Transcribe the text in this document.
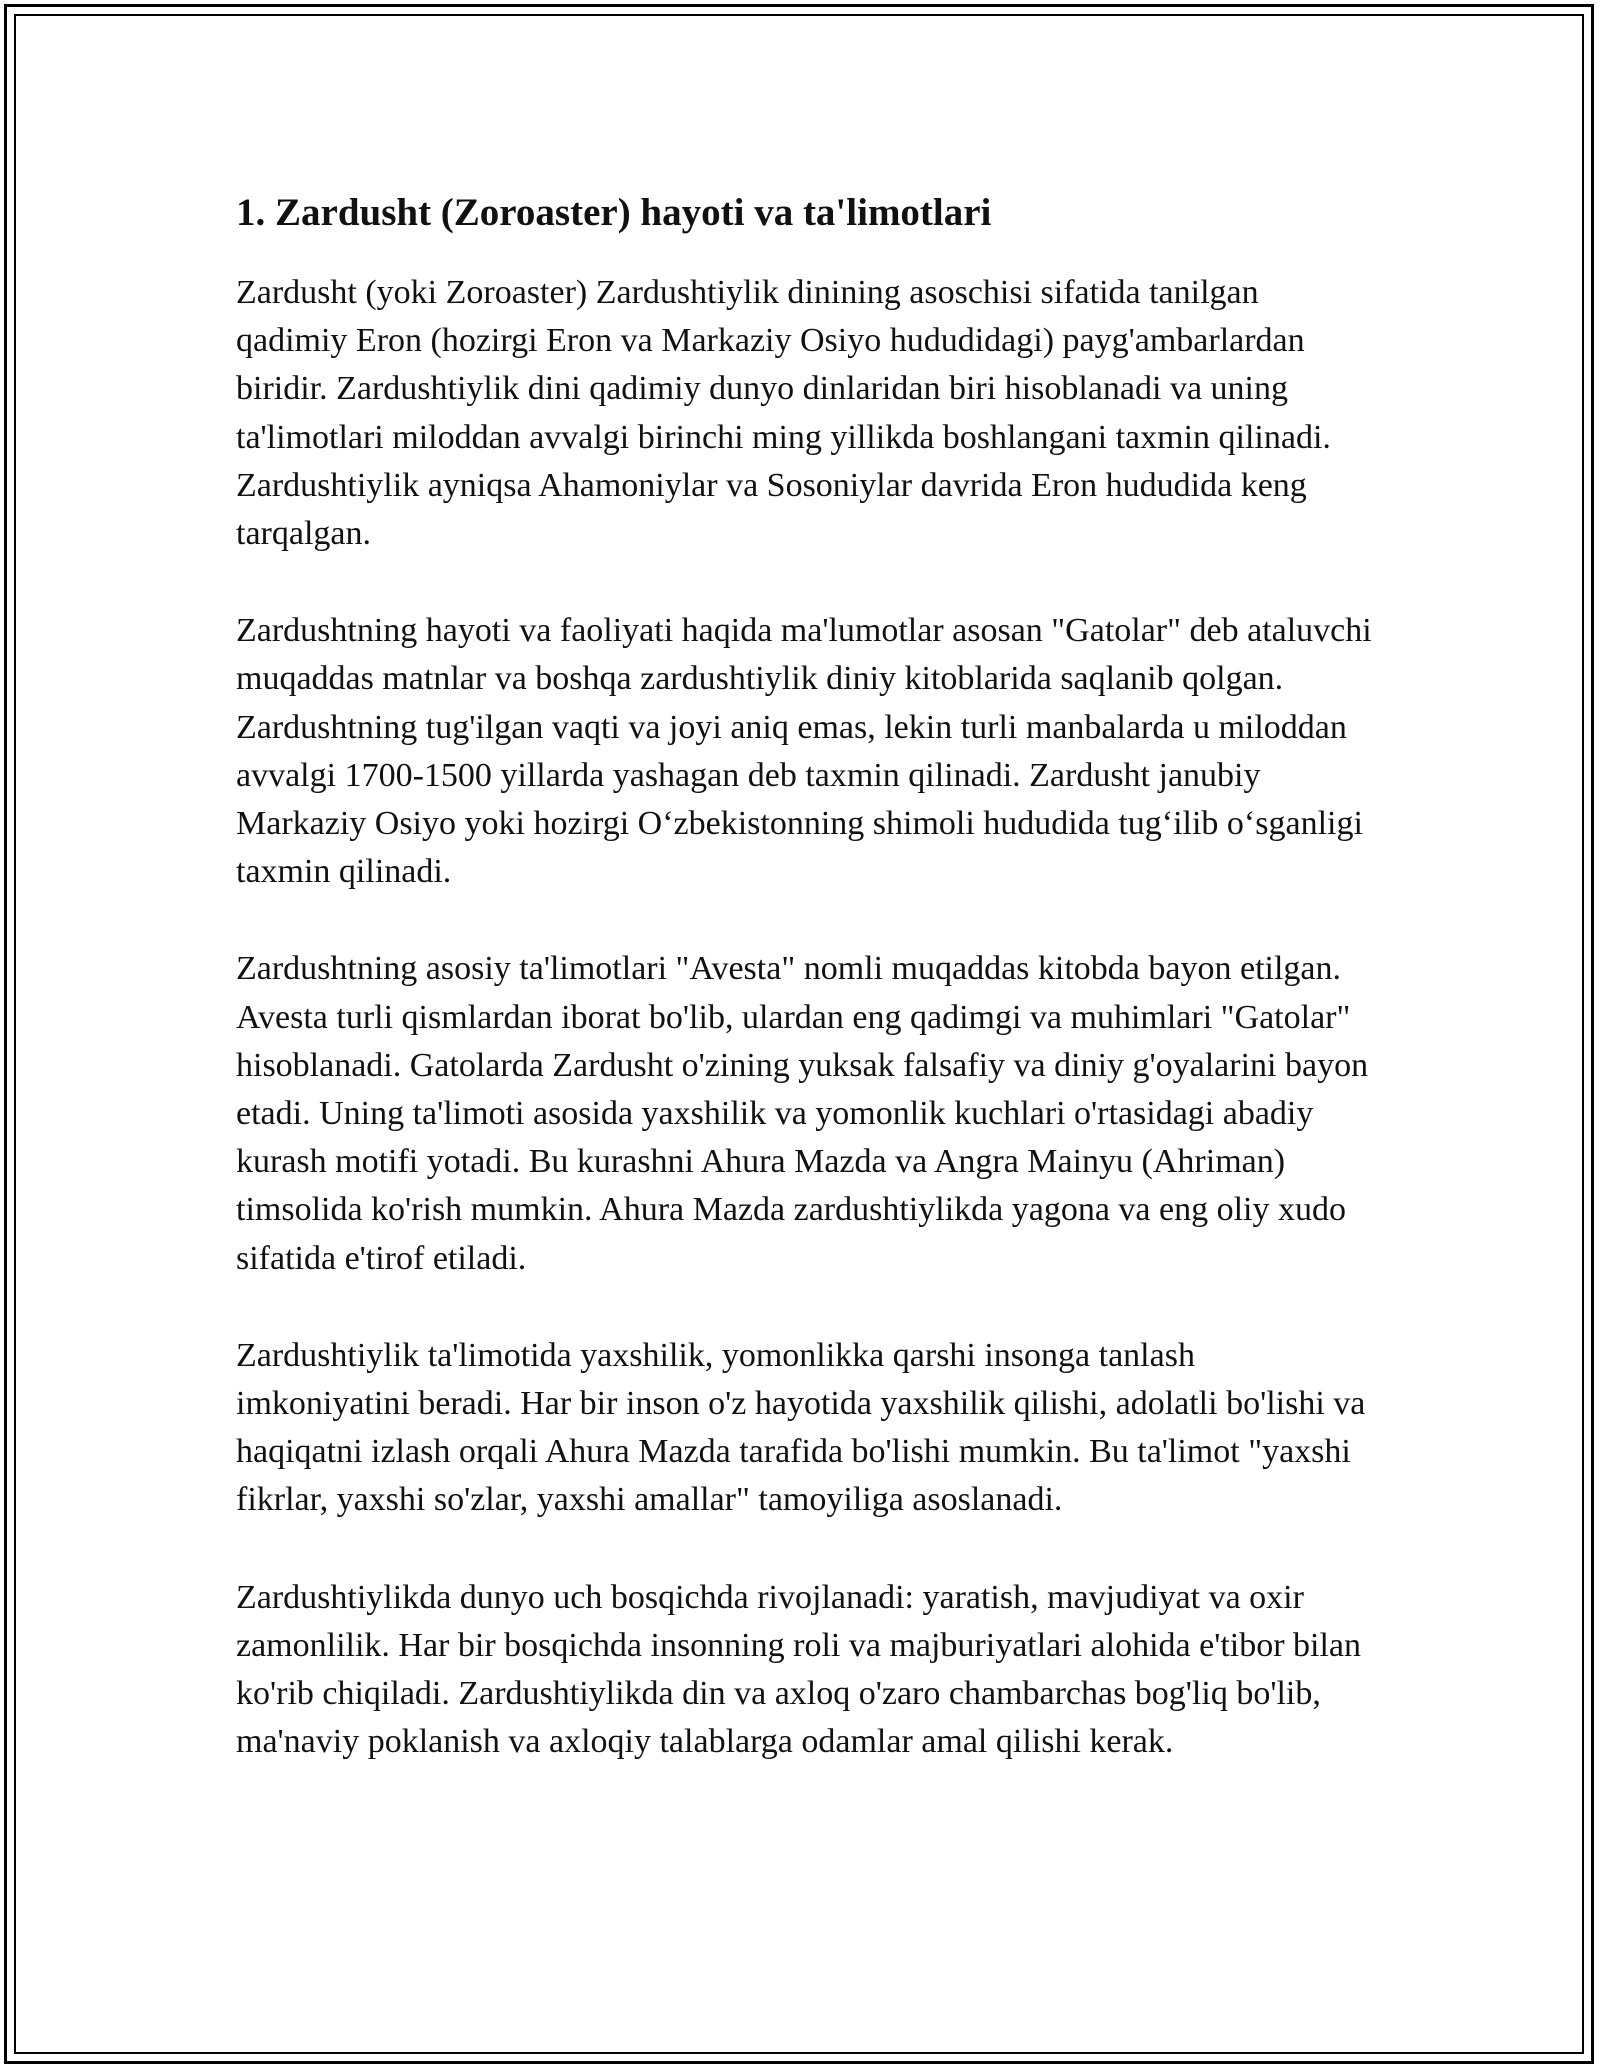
1. Zardusht (Zoroaster) hayoti va ta'limotlari

Zardusht (yoki Zoroaster) Zardushtiylik dinining asoschisi sifatida tanilgan qadimiy Eron (hozirgi Eron va Markaziy Osiyo hududidagi) payg'ambarlardan biridir. Zardushtiylik dini qadimiy dunyo dinlaridan biri hisoblanadi va uning ta'limotlari miloddan avvalgi birinchi ming yillikda boshlangani taxmin qilinadi. Zardushtiylik ayniqsa Ahamoniylar va Sosoniylar davrida Eron hududida keng tarqalgan.

Zardushtning hayoti va faoliyati haqida ma'lumotlar asosan "Gatolar" deb ataluvchi muqaddas matnlar va boshqa zardushtiylik diniy kitoblarida saqlanib qolgan. Zardushtning tug'ilgan vaqti va joyi aniq emas, lekin turli manbalarda u miloddan avvalgi 1700-1500 yillarda yashagan deb taxmin qilinadi. Zardusht janubiy Markaziy Osiyo yoki hozirgi O‘zbekistonning shimoli hududida tug‘ilib o‘sganligi taxmin qilinadi.

Zardushtning asosiy ta'limotlari "Avesta" nomli muqaddas kitobda bayon etilgan. Avesta turli qismlardan iborat bo'lib, ulardan eng qadimgi va muhimlari "Gatolar" hisoblanadi. Gatolarda Zardusht o'zining yuksak falsafiy va diniy g'oyalarini bayon etadi. Uning ta'limoti asosida yaxshilik va yomonlik kuchlari o'rtasidagi abadiy kurash motifi yotadi. Bu kurashni Ahura Mazda va Angra Mainyu (Ahriman) timsolida ko'rish mumkin. Ahura Mazda zardushtiylikda yagona va eng oliy xudo sifatida e'tirof etiladi.

Zardushtiylik ta'limotida yaxshilik, yomonlikka qarshi insonga tanlash imkoniyatini beradi. Har bir inson o'z hayotida yaxshilik qilishi, adolatli bo'lishi va haqiqatni izlash orqali Ahura Mazda tarafida bo'lishi mumkin. Bu ta'limot "yaxshi fikrlar, yaxshi so'zlar, yaxshi amallar" tamoyiliga asoslanadi.

Zardushtiylikda dunyo uch bosqichda rivojlanadi: yaratish, mavjudiyat va oxir zamonlilik. Har bir bosqichda insonning roli va majburiyatlari alohida e'tibor bilan ko'rib chiqiladi. Zardushtiylikda din va axloq o'zaro chambarchas bog'liq bo'lib, ma'naviy poklanish va axloqiy talablarga odamlar amal qilishi kerak.
